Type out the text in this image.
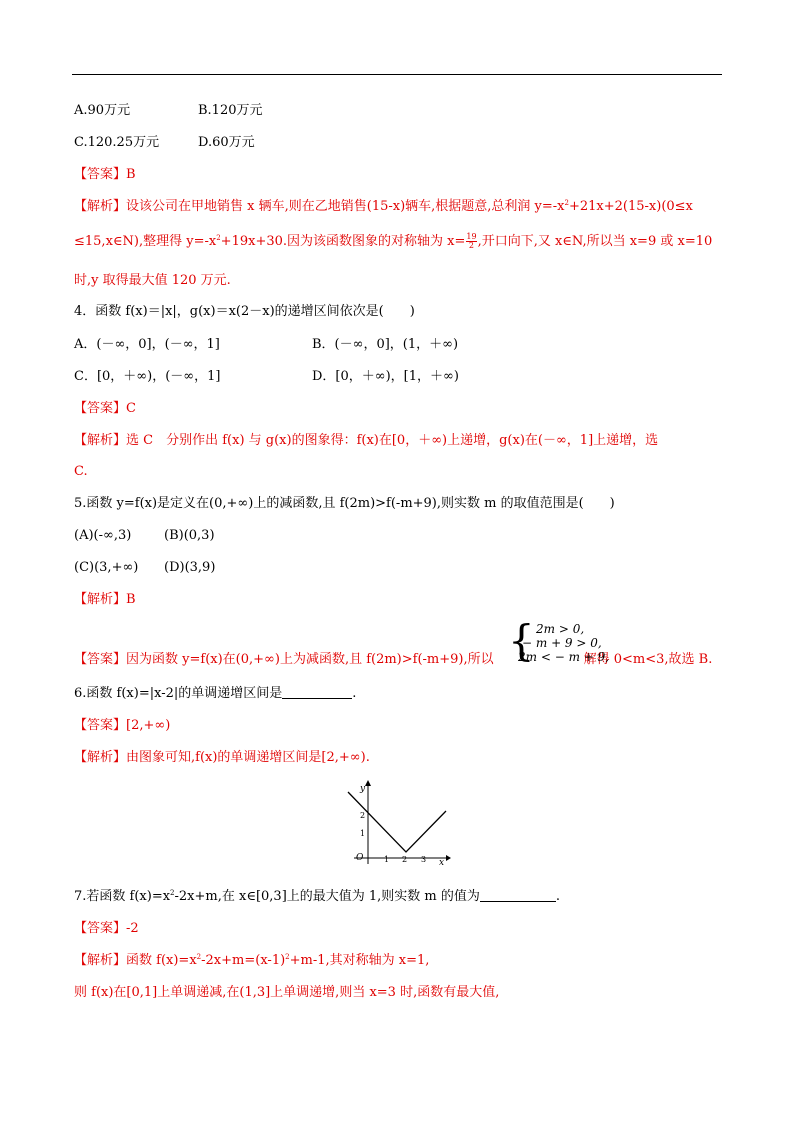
A.90万元	B.120万元
C.120.25万元	D.60万元
【答案】B
【解析】设该公司在甲地销售 x 辆车,则在乙地销售(15-x)辆车,根据题意,总利润 $y=-x^2+21x+2(15-x)(0\le x$
≤15,x∈N),整理得 $y=-x^2+19x+30$.因为该函数图象的对称轴为 $x= \frac{19}{2}$ ,开口向下,又 x∈N,所以当 x=9 或 x=10
时,y 取得最大值 120 万元.
4．函数 f(x)＝|x|，g(x)＝x(2－x)的递增区间依次是(　　)
A．(－∞，0]，(－∞，1]	B．(－∞，0]，(1，＋∞)
C．[0，＋∞)，(－∞，1]	D．[0，＋∞)，[1，＋∞)
【答案】C
【解析】选 C　分别作出 f(x) 与 g(x)的图象得：f(x)在[0，＋∞)上递增，g(x)在(－∞，1]上递增，选
C.
5.函数 y=f(x)是定义在(0,+∞)上的减函数,且 f(2m)>f(-m+9),则实数 m 的取值范围是(　　)
(A)(-∞,3)	(B)(0,3)
(C)(3,+∞) (D)(3,9)
【解析】B
【答案】因为函数 y=f(x)在(0,+∞)上为减函数,且 f(2m)>f(-m+9),所以	解得 0<m<3,故选 B.
{ 2m > 0,
− m + 9 > 0,
2m < − m + 9,
6.函数 f(x)=|x-2|的单调递增区间是	.
【答案】[2,+∞)
【解析】由图象可知,f(x)的单调递增区间是[2,+∞).
y
x
O	1 2 3
1
2
7.若函数 $f(x)=x^2-2x+m$,在 x∈[0,3]上的最大值为 1,则实数 m 的值为	.
【答案】-2
【解析】函数 $f(x)=x^2-2x+m=(x-1)^2+m-1$,其对称轴为 x=1,
则 f(x)在[0,1]上单调递减,在(1,3]上单调递增,则当 x=3 时,函数有最大值,
